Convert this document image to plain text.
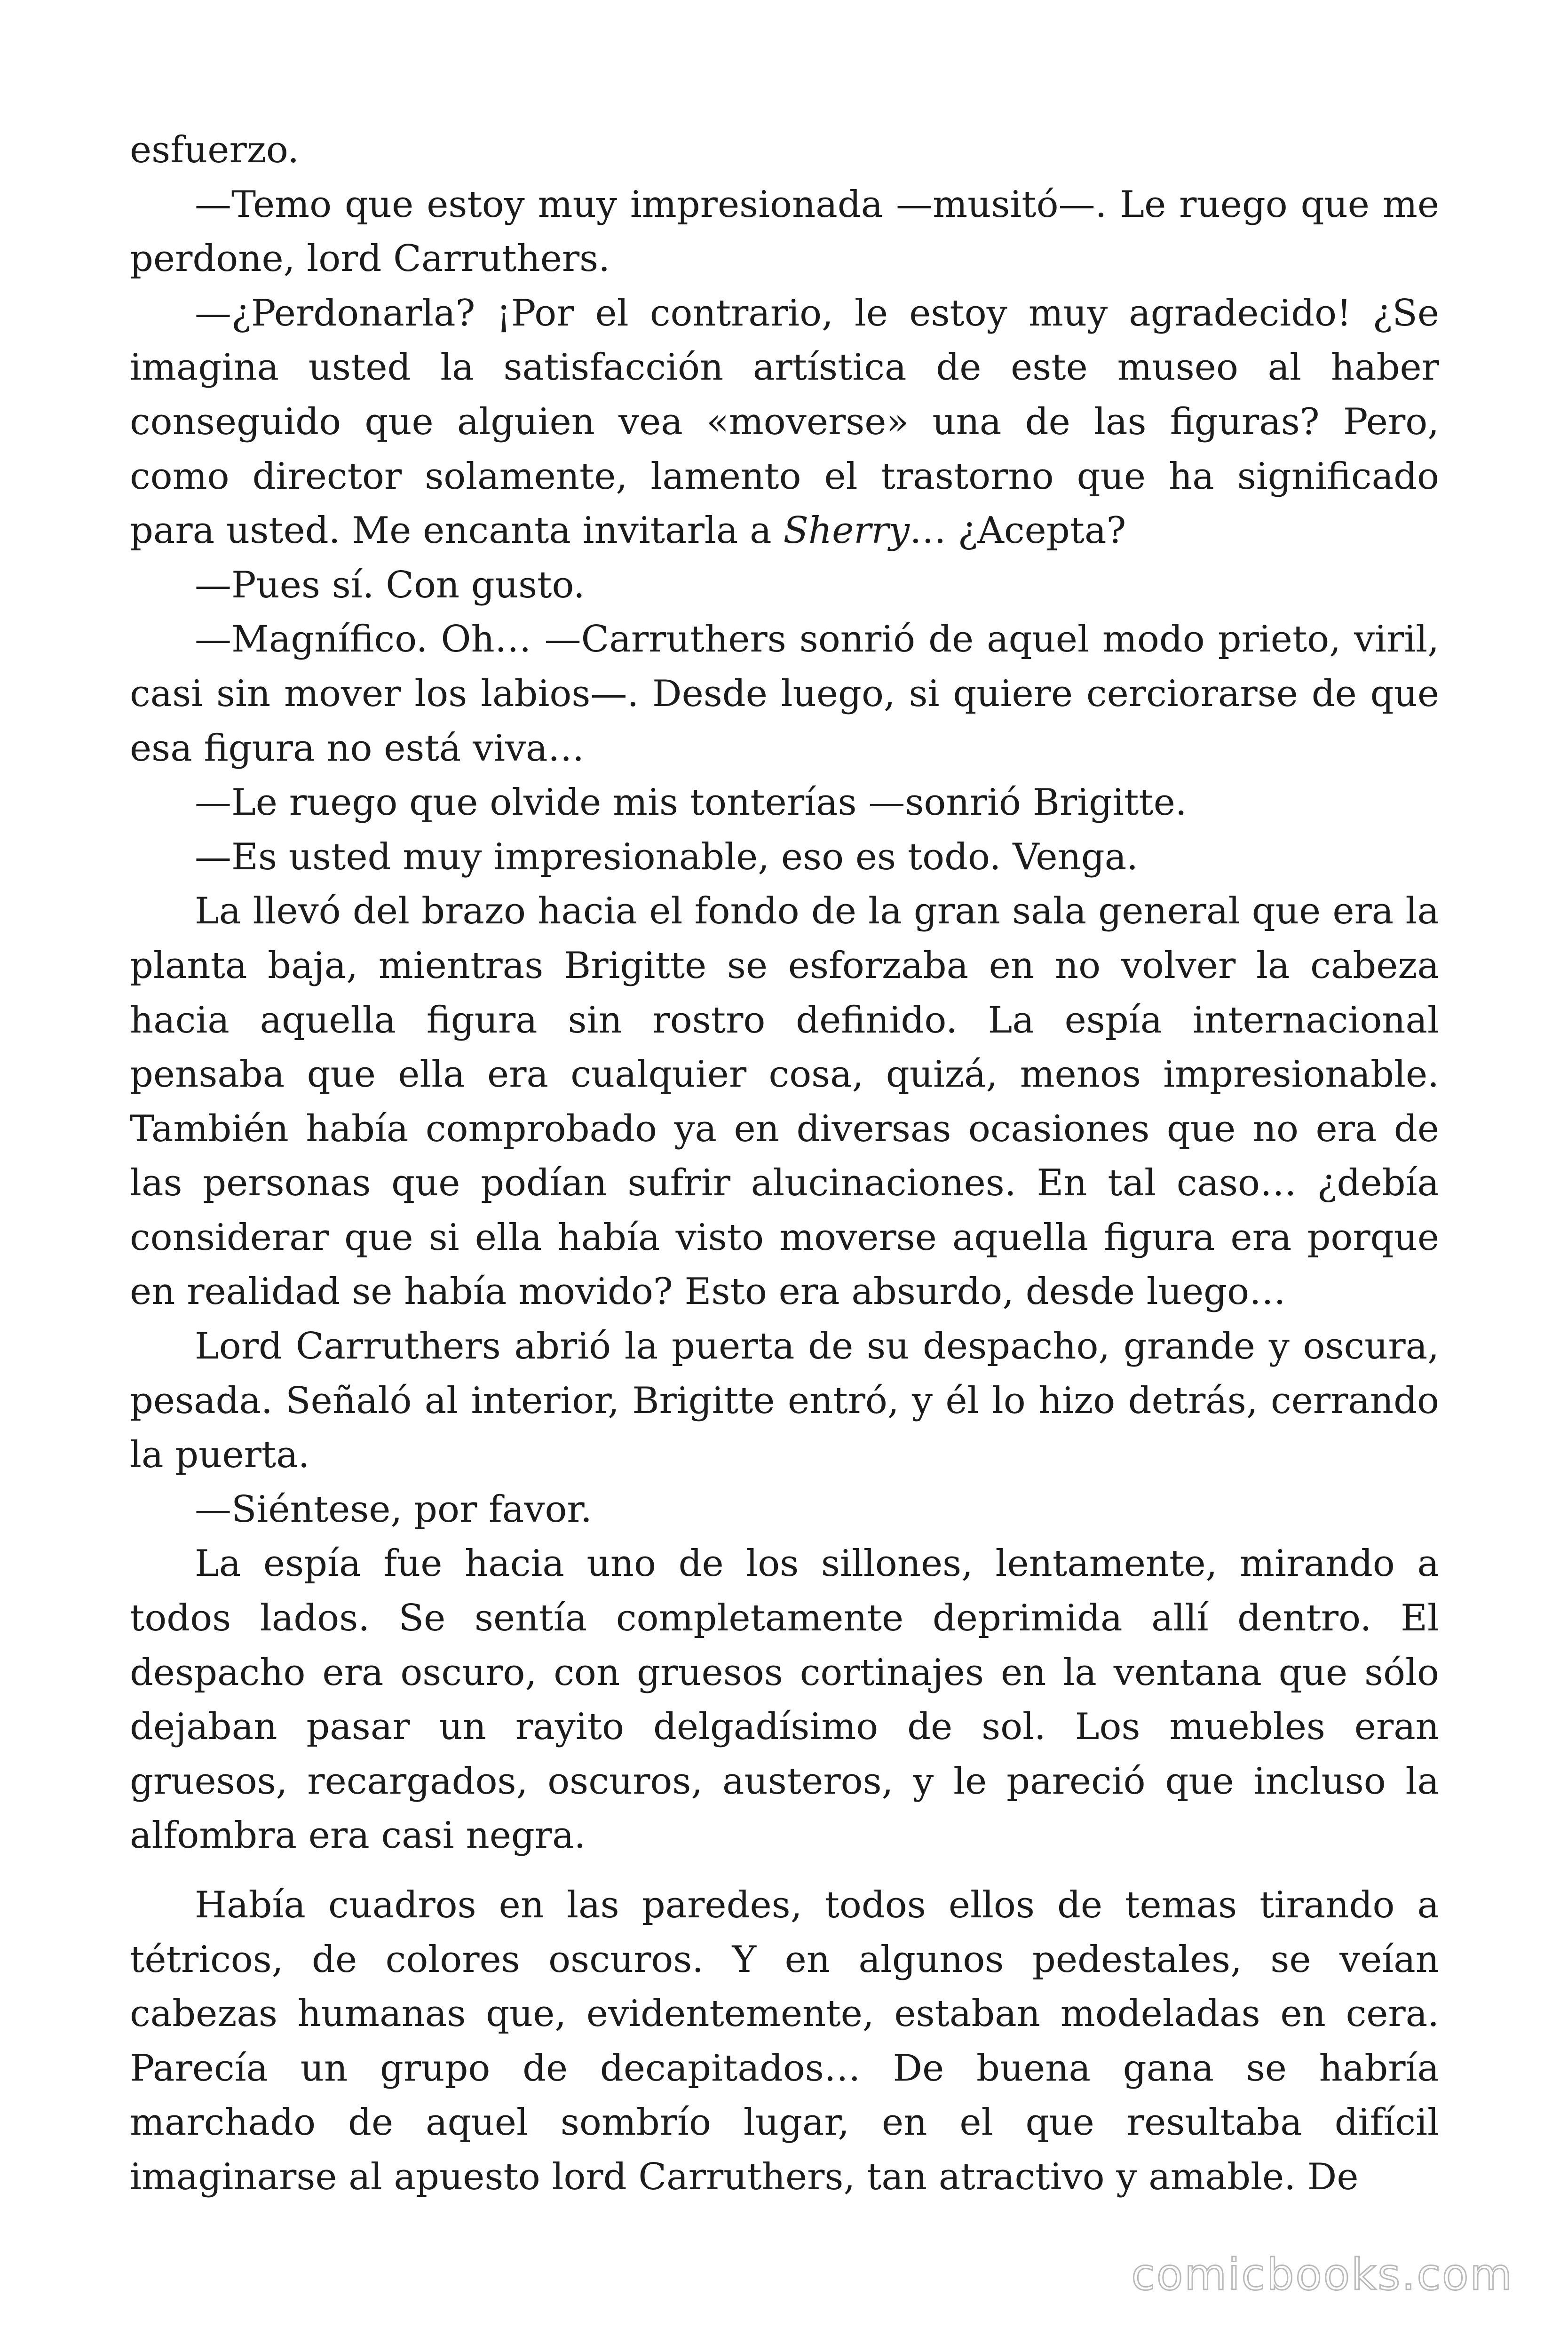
esfuerzo.

—Temo que estoy muy impresionada —musitó—. Le ruego que me perdone, lord Carruthers.

—¿Perdonarla? ¡Por el contrario, le estoy muy agradecido! ¿Se imagina usted la satisfacción artística de este museo al haber conseguido que alguien vea «moverse» una de las figuras? Pero, como director solamente, lamento el trastorno que ha significado para usted. Me encanta invitarla a Sherry… ¿Acepta?

—Pues sí. Con gusto.

—Magnífico. Oh… —Carruthers sonrió de aquel modo prieto, viril, casi sin mover los labios—. Desde luego, si quiere cerciorarse de que esa figura no está viva…

—Le ruego que olvide mis tonterías —sonrió Brigitte.

—Es usted muy impresionable, eso es todo. Venga.

La llevó del brazo hacia el fondo de la gran sala general que era la planta baja, mientras Brigitte se esforzaba en no volver la cabeza hacia aquella figura sin rostro definido. La espía internacional pensaba que ella era cualquier cosa, quizá, menos impresionable. También había comprobado ya en diversas ocasiones que no era de las personas que podían sufrir alucinaciones. En tal caso… ¿debía considerar que si ella había visto moverse aquella figura era porque en realidad se había movido? Esto era absurdo, desde luego…

Lord Carruthers abrió la puerta de su despacho, grande y oscura, pesada. Señaló al interior, Brigitte entró, y él lo hizo detrás, cerrando la puerta.

—Siéntese, por favor.

La espía fue hacia uno de los sillones, lentamente, mirando a todos lados. Se sentía completamente deprimida allí dentro. El despacho era oscuro, con gruesos cortinajes en la ventana que sólo dejaban pasar un rayito delgadísimo de sol. Los muebles eran gruesos, recargados, oscuros, austeros, y le pareció que incluso la alfombra era casi negra.

Había cuadros en las paredes, todos ellos de temas tirando a tétricos, de colores oscuros. Y en algunos pedestales, se veían cabezas humanas que, evidentemente, estaban modeladas en cera. Parecía un grupo de decapitados… De buena gana se habría marchado de aquel sombrío lugar, en el que resultaba difícil imaginarse al apuesto lord Carruthers, tan atractivo y amable. De

comicbooks.com
